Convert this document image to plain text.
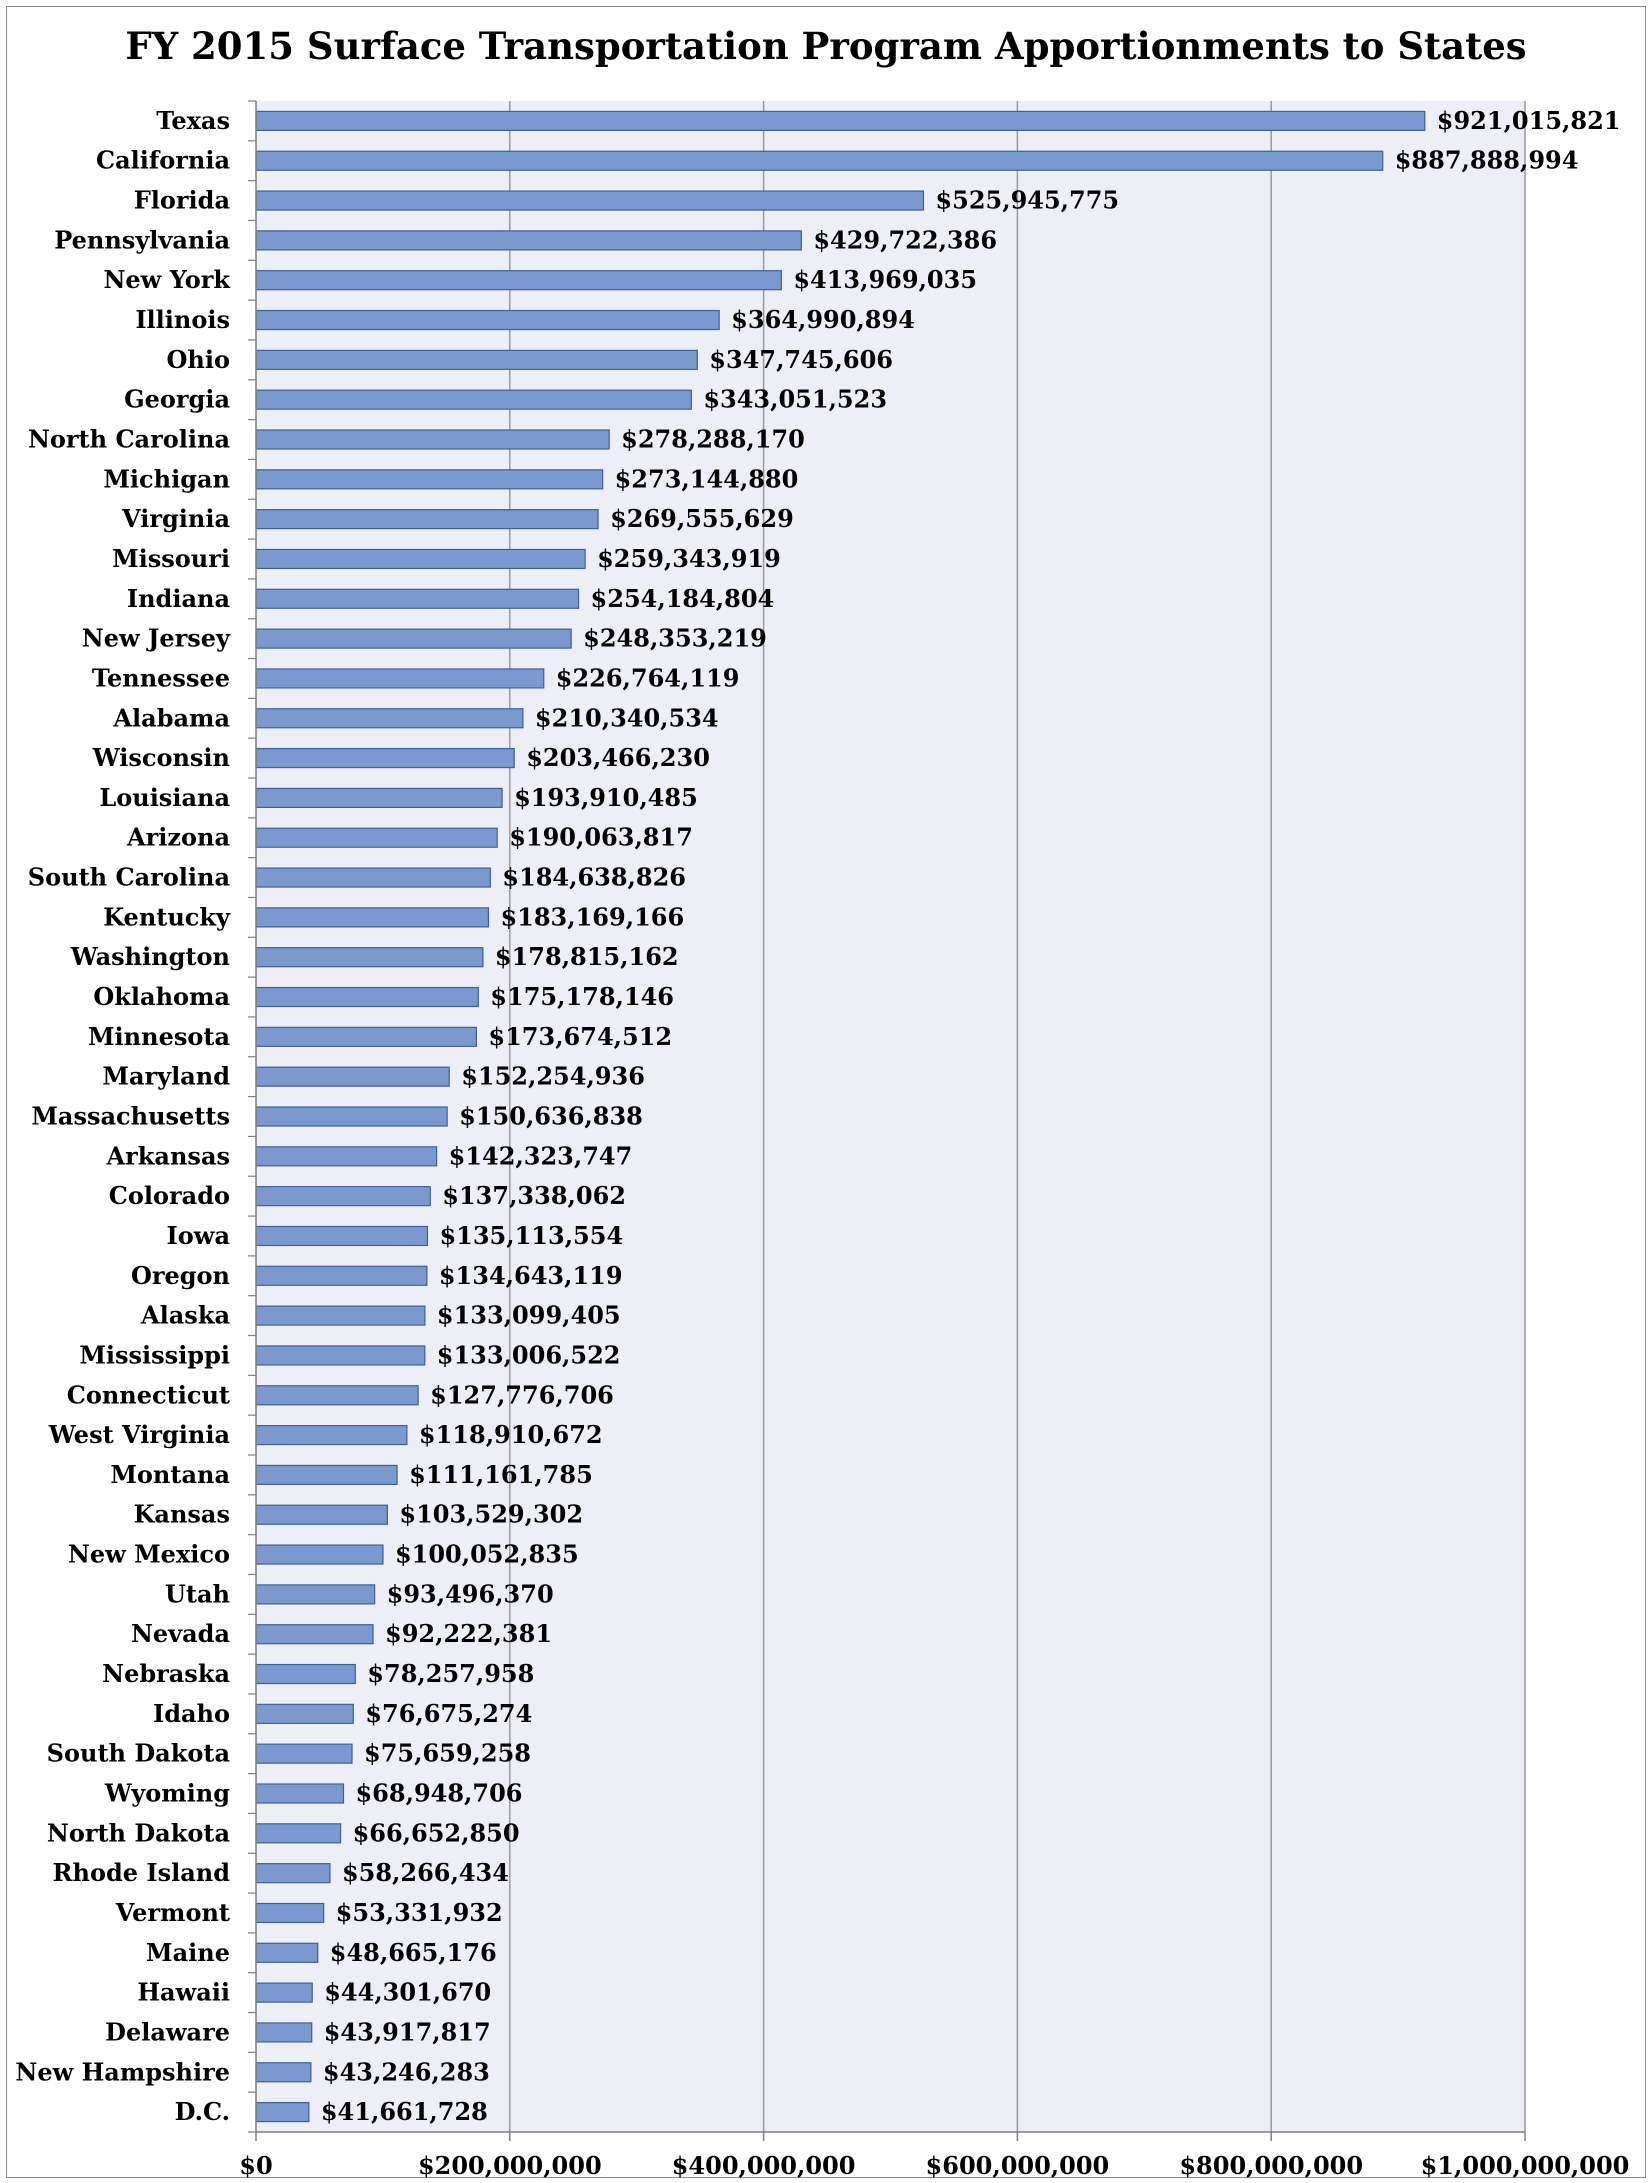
FY 2015 Surface Transportation Program Apportionments to States
$0	$200,000,000	$400,000,000	$600,000,000	$800,000,000 $1,000,000,000
Texas	$921,015,821
California	$887,888,994
Florida	$525,945,775
Pennsylvania	$429,722,386
New York	$413,969,035
Illinois	$364,990,894
Ohio	$347,745,606
Georgia	$343,051,523
North Carolina	$278,288,170
Michigan	$273,144,880
Virginia	$269,555,629
Missouri	$259,343,919
Indiana	$254,184,804
New Jersey	$248,353,219
Tennessee	$226,764,119
Alabama	$210,340,534
Wisconsin	$203,466,230
Louisiana	$193,910,485
Arizona	$190,063,817
South Carolina	$184,638,826
Kentucky	$183,169,166
Washington	$178,815,162
Oklahoma	$175,178,146
Minnesota	$173,674,512
Maryland	$152,254,936
Massachusetts	$150,636,838
Arkansas	$142,323,747
Colorado	$137,338,062
Iowa	$135,113,554
Oregon	$134,643,119
Alaska	$133,099,405
Mississippi	$133,006,522
Connecticut	$127,776,706
West Virginia	$118,910,672
Montana	$111,161,785
Kansas	$103,529,302
New Mexico	$100,052,835
Utah	$93,496,370
Nevada	$92,222,381
Nebraska	$78,257,958
Idaho	$76,675,274
South Dakota	$75,659,258
Wyoming	$68,948,706
North Dakota	$66,652,850
Rhode Island	$58,266,434
Vermont	$53,331,932
Maine	$48,665,176
Hawaii	$44,301,670
Delaware	$43,917,817
New Hampshire	$43,246,283
D.C.	$41,661,728
